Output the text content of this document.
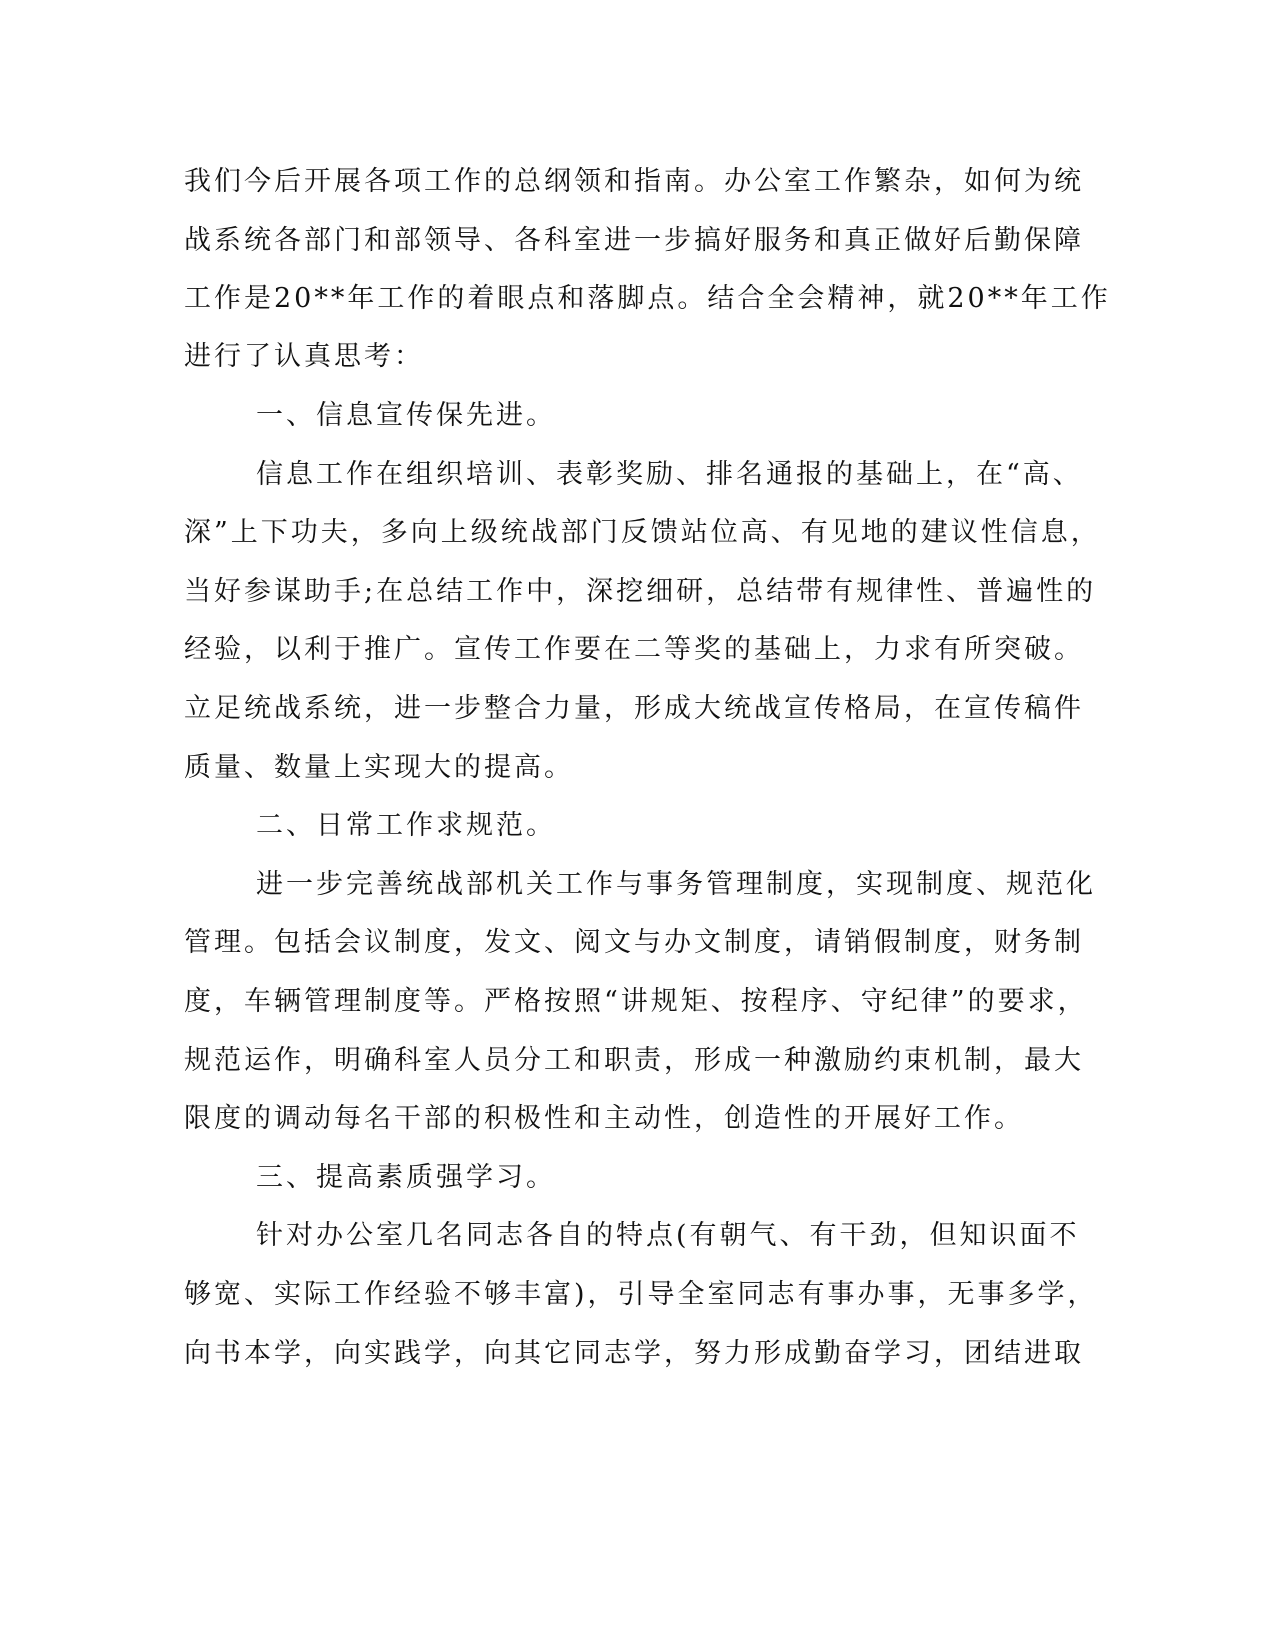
我们今后开展各项工作的总纲领和指南。办公室工作繁杂，如何为统
战系统各部门和部领导、各科室进一步搞好服务和真正做好后勤保障
工作是20**年工作的着眼点和落脚点。结合全会精神，就20**年工作
进行了认真思考：
一、信息宣传保先进。
信息工作在组织培训、表彰奖励、排名通报的基础上，在“高、
深”上下功夫，多向上级统战部门反馈站位高、有见地的建议性信息，
当好参谋助手;在总结工作中，深挖细研，总结带有规律性、普遍性的
经验，以利于推广。宣传工作要在二等奖的基础上，力求有所突破。
立足统战系统，进一步整合力量，形成大统战宣传格局，在宣传稿件
质量、数量上实现大的提高。
二、日常工作求规范。
进一步完善统战部机关工作与事务管理制度，实现制度、规范化
管理。包括会议制度，发文、阅文与办文制度，请销假制度，财务制
度，车辆管理制度等。严格按照“讲规矩、按程序、守纪律”的要求，
规范运作，明确科室人员分工和职责，形成一种激励约束机制，最大
限度的调动每名干部的积极性和主动性，创造性的开展好工作。
三、提高素质强学习。
针对办公室几名同志各自的特点(有朝气、有干劲，但知识面不
够宽、实际工作经验不够丰富)，引导全室同志有事办事，无事多学，
向书本学，向实践学，向其它同志学，努力形成勤奋学习，团结进取
